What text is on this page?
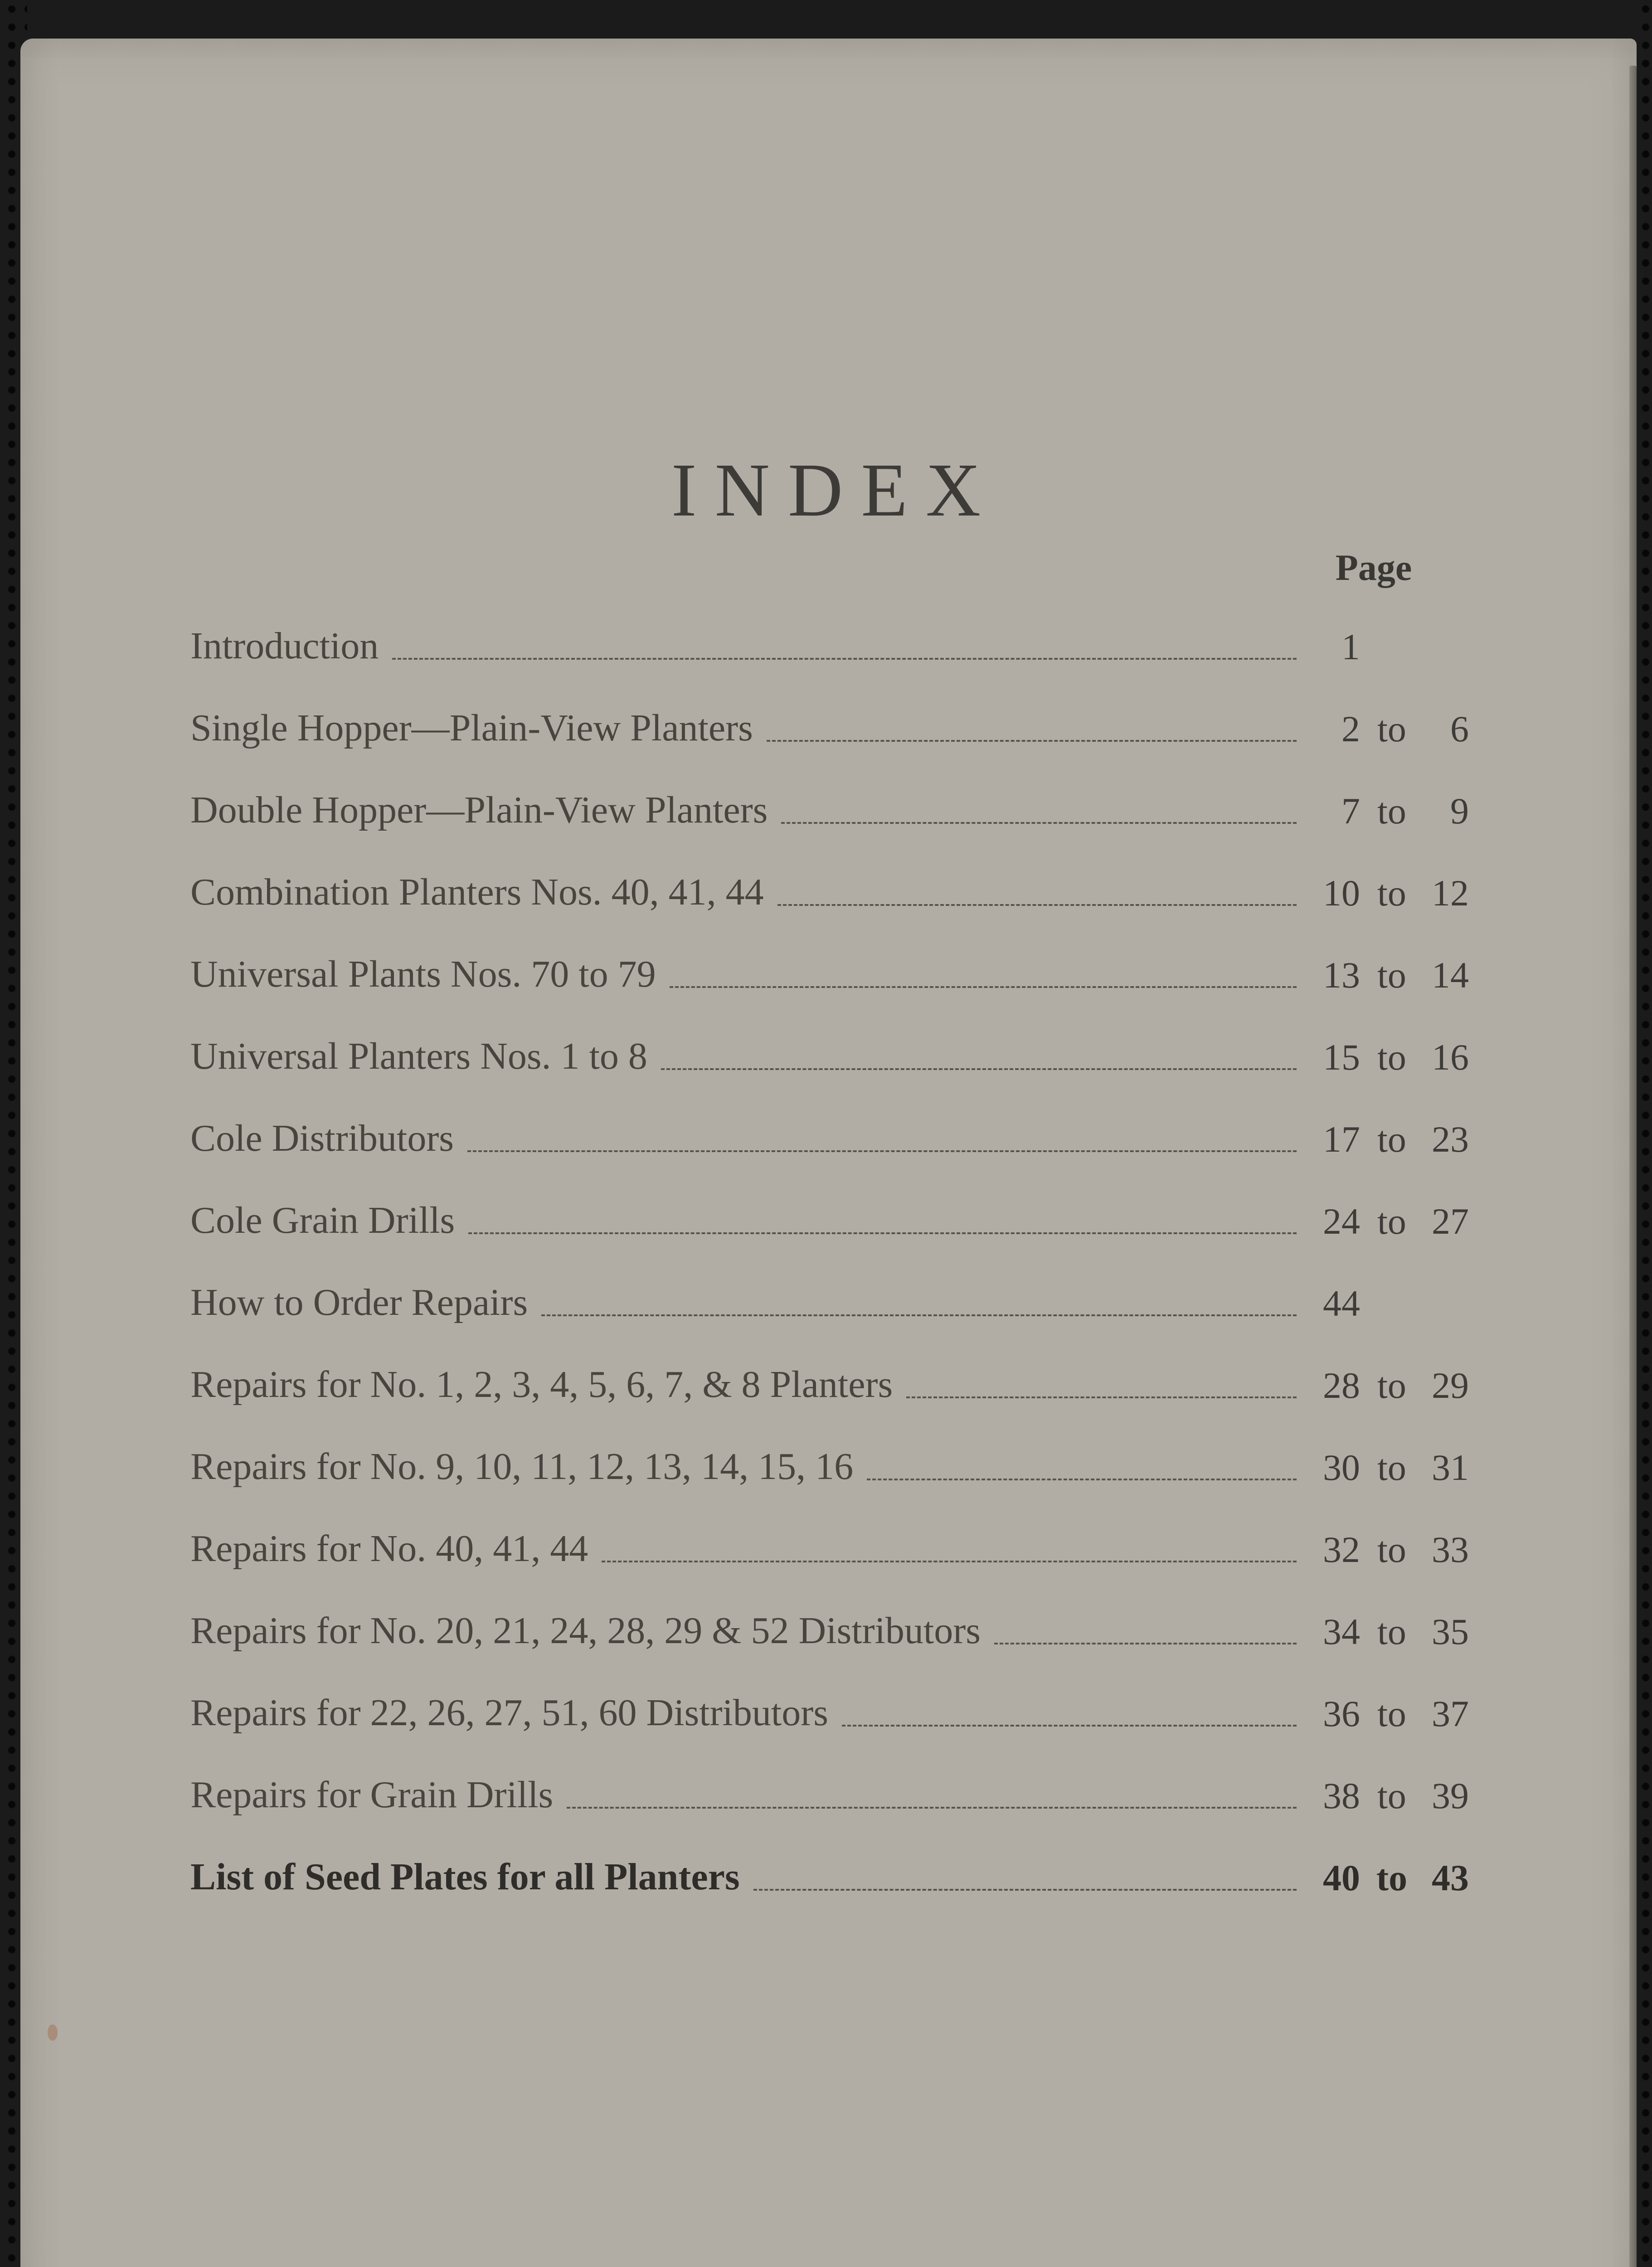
INDEX
Page
Introduction	1
Single Hopper—Plain-View Planters	2 to	6
Double Hopper—Plain-View Planters	7 to	9
Combination Planters Nos. 40, 41, 44	10 to 12
Universal Plants Nos. 70 to 79	13 to 14
Universal Planters Nos. 1 to 8	15 to 16
Cole Distributors	17 to 23
Cole Grain Drills	24 to 27
How to Order Repairs	44
Repairs for No. 1, 2, 3, 4, 5, 6, 7, & 8 Planters	28 to 29
Repairs for No. 9, 10, 11, 12, 13, 14, 15, 16	30 to 31
Repairs for No. 40, 41, 44	32 to 33
Repairs for No. 20, 21, 24, 28, 29 & 52 Distributors	34 to 35
Repairs for 22, 26, 27, 51, 60 Distributors	36 to 37
Repairs for Grain Drills	38 to 39
List of Seed Plates for all Planters	40 to 43
